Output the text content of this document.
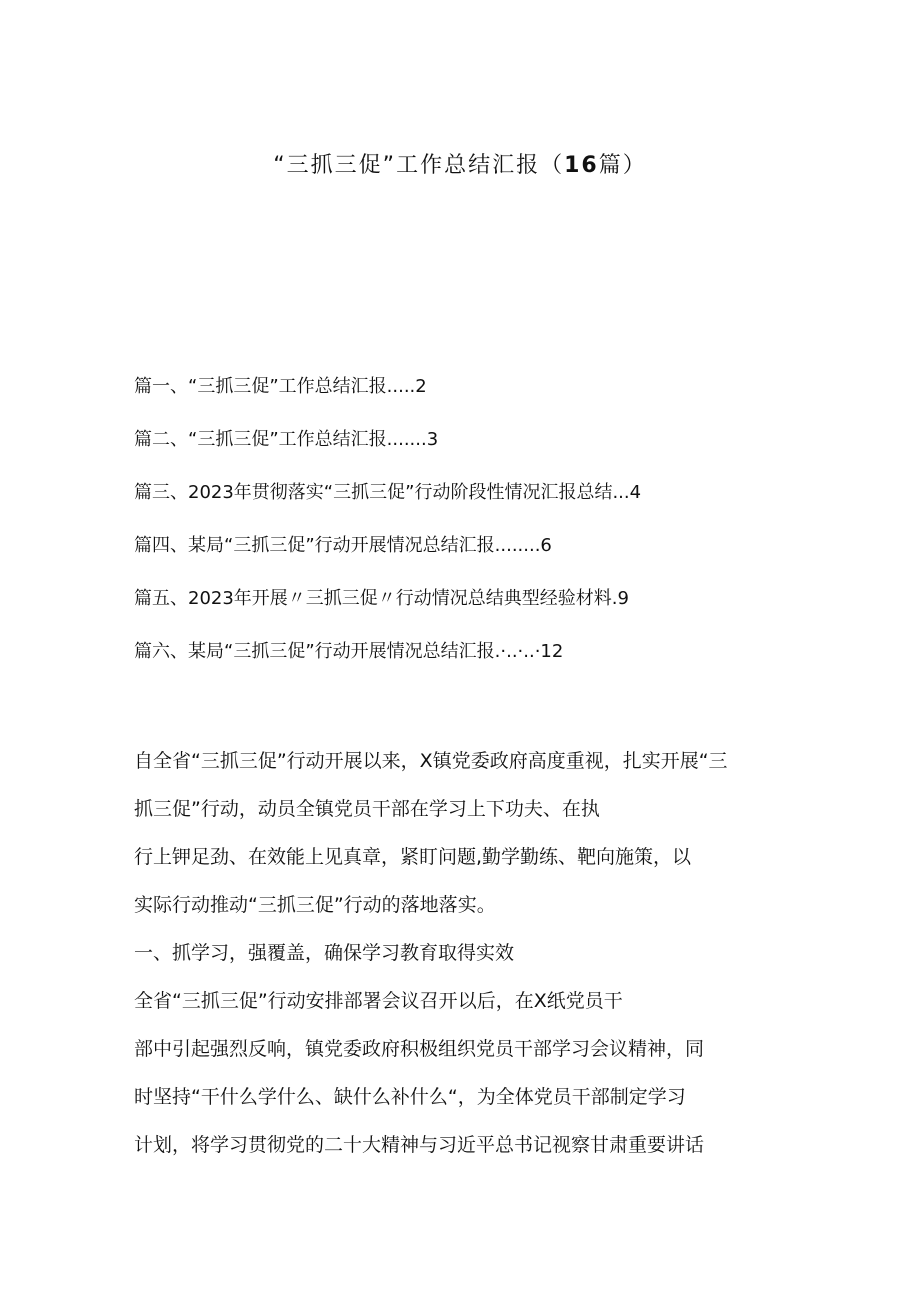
“三抓三促”工作总结汇报（16篇）
篇一、“三抓三促”工作总结汇报.....2
篇二、“三抓三促”工作总结汇报.......3
篇三、2023年贯彻落实“三抓三促”行动阶段性情况汇报总结...4
篇四、某局“三抓三促”行动开展情况总结汇报........6
篇五、2023年开展〃三抓三促〃行动情况总结典型经验材料.9
篇六、某局“三抓三促”行动开展情况总结汇报.·..·..·12
自全省“三抓三促”行动开展以来，X镇党委政府高度重视，扎实开展“三
抓三促”行动，动员全镇党员干部在学习上下功夫、在执
行上钾足劲、在效能上见真章，紧盯问题,勤学勤练、靶向施策，以
实际行动推动“三抓三促”行动的落地落实。
一、抓学习，强覆盖，确保学习教育取得实效
全省“三抓三促”行动安排部署会议召开以后，在X纸党员干
部中引起强烈反响，镇党委政府积极组织党员干部学习会议精神，同
时坚持“干什么学什么、缺什么补什么“，为全体党员干部制定学习
计划，将学习贯彻党的二十大精神与习近平总书记视察甘肃重要讲话
